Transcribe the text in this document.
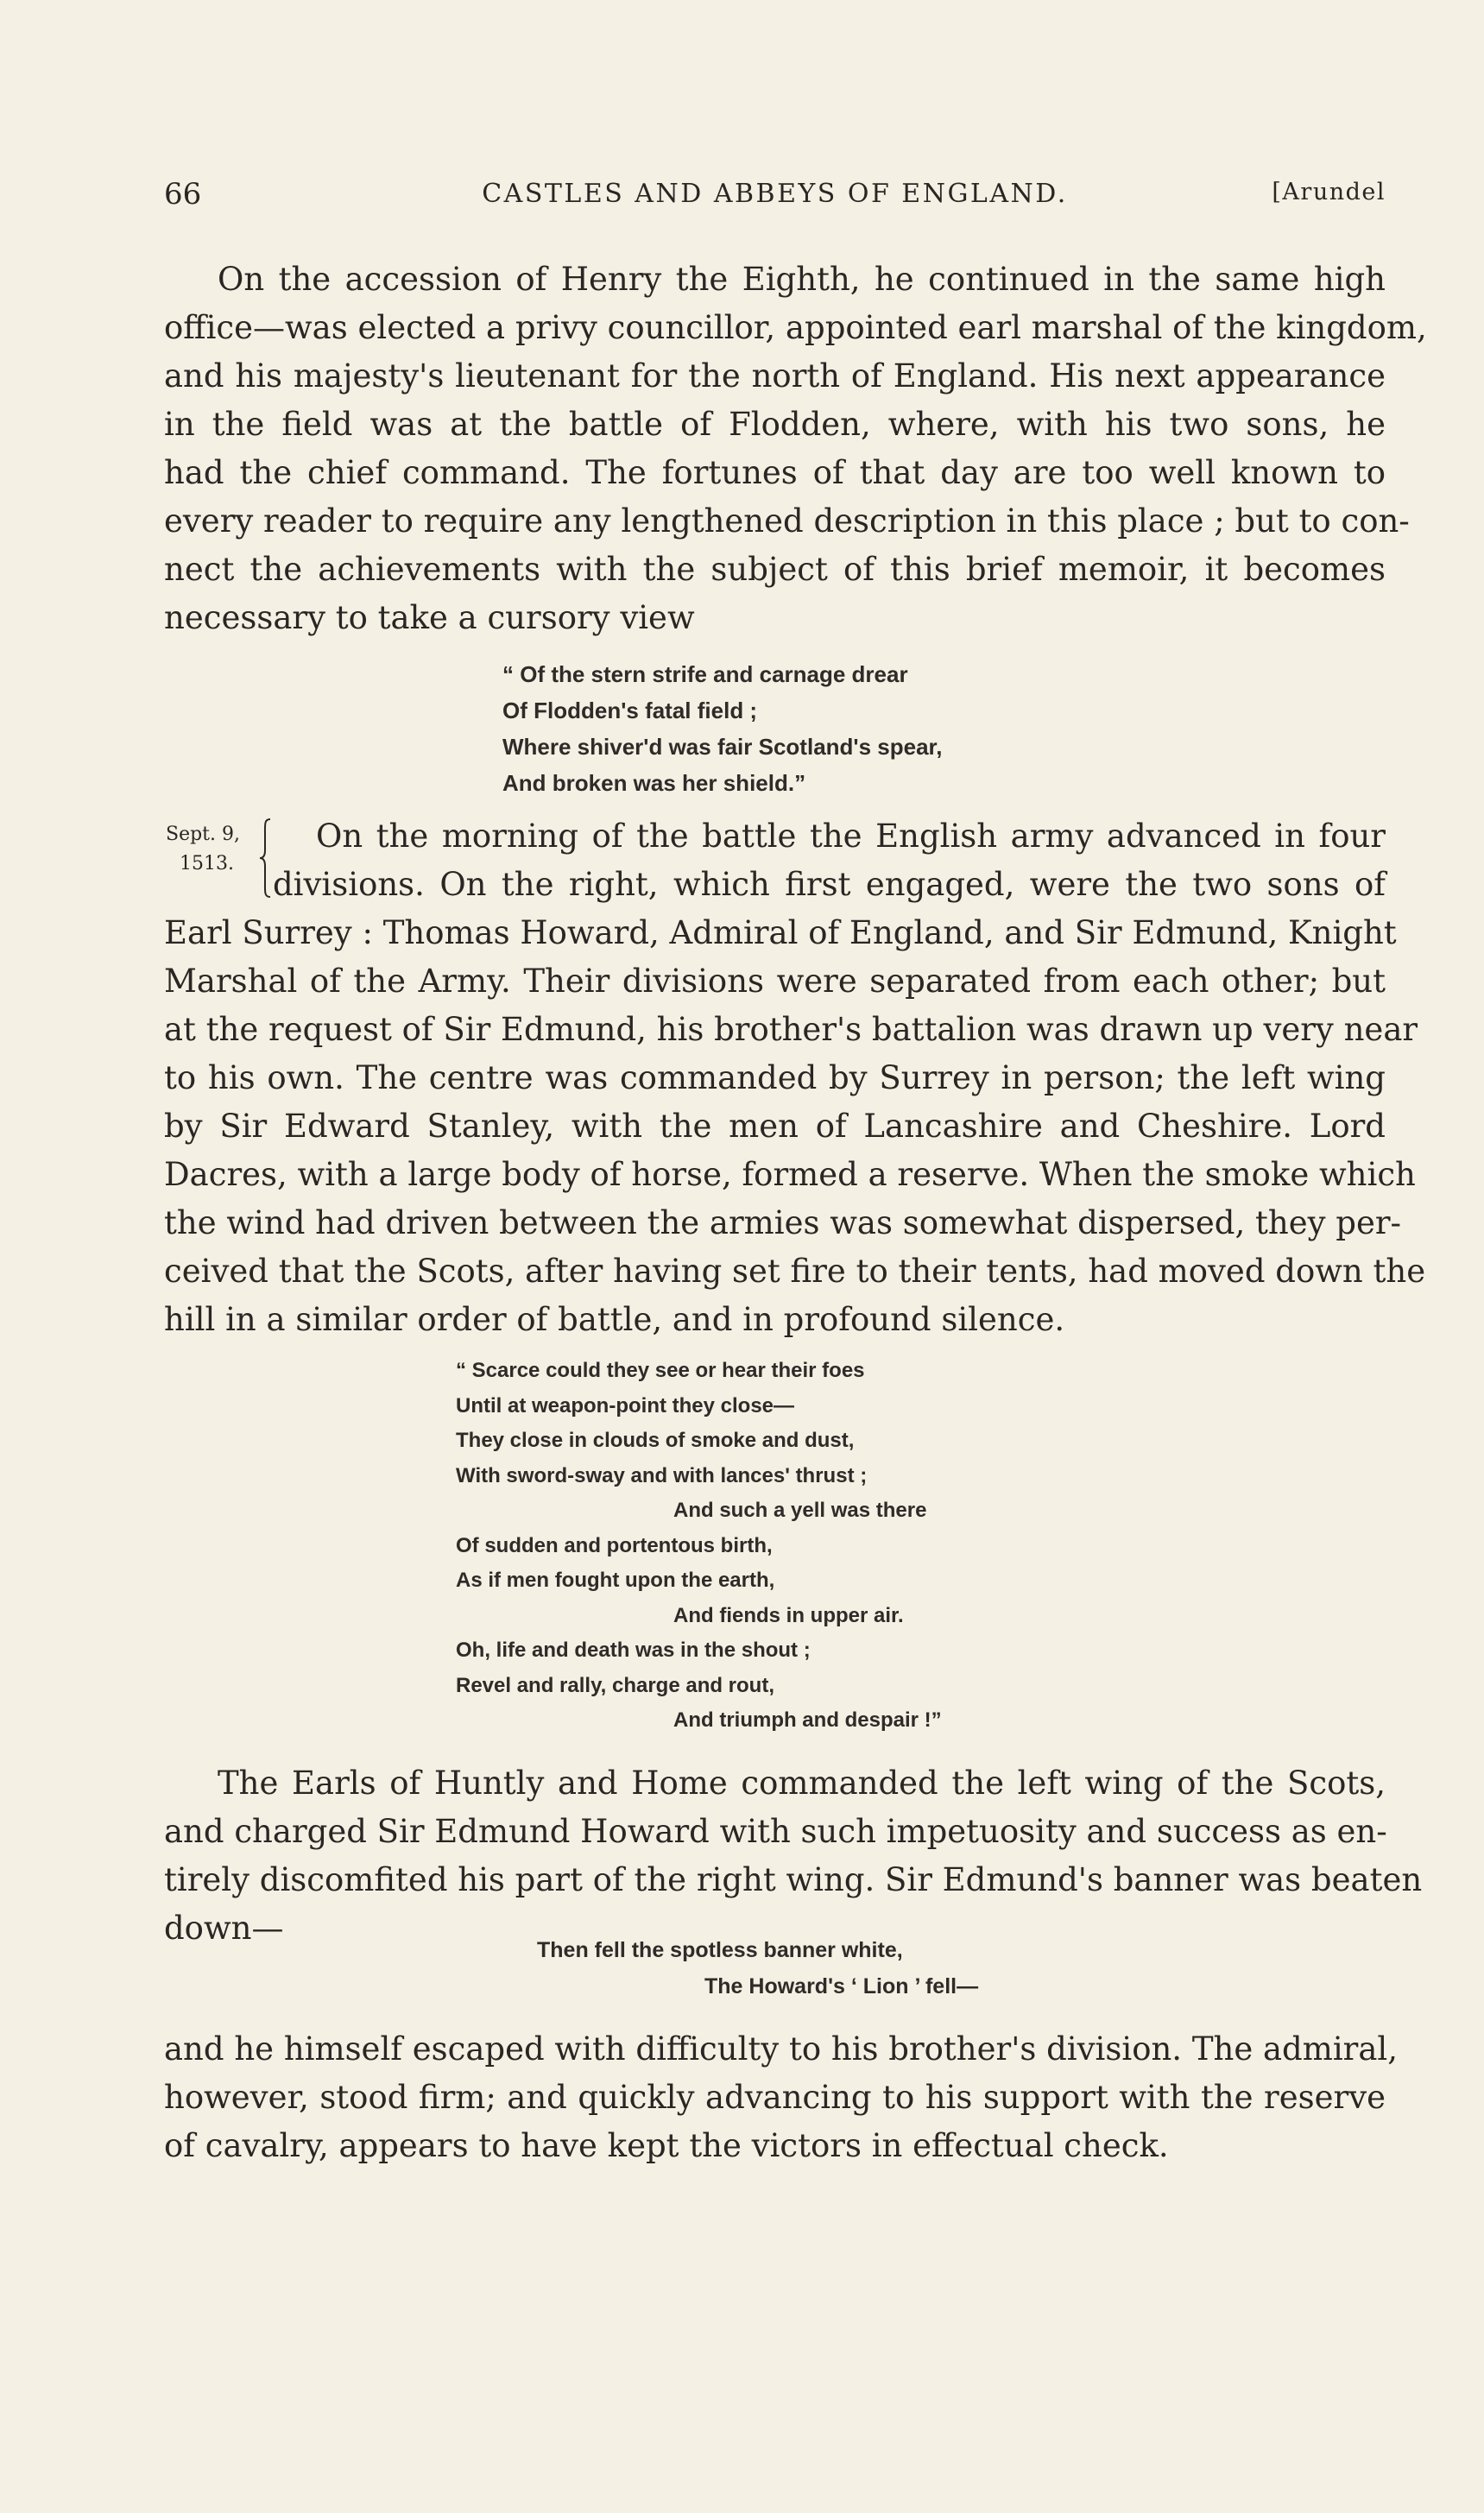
66	CASTLES AND ABBEYS OF ENGLAND.	[Arundel
On the accession of Henry the Eighth, he continued in the same high
office—was elected a privy councillor, appointed earl marshal of the kingdom,
and his majesty's lieutenant for the north of England. His next appearance
in the field was at the battle of Flodden, where, with his two sons, he
had the chief command. The fortunes of that day are too well known to
every reader to require any lengthened description in this place ; but to con-
nect the achievements with the subject of this brief memoir, it becomes
necessary to take a cursory view
“ Of the stern strife and carnage drear
Of Flodden's fatal field ;
Where shiver'd was fair Scotland's spear,
And broken was her shield.”
Sept. 9,
1513.
On the morning of the battle the English army advanced in four
divisions. On the right, which first engaged, were the two sons of
Earl Surrey : Thomas Howard, Admiral of England, and Sir Edmund, Knight
Marshal of the Army. Their divisions were separated from each other; but
at the request of Sir Edmund, his brother's battalion was drawn up very near
to his own. The centre was commanded by Surrey in person; the left wing
by Sir Edward Stanley, with the men of Lancashire and Cheshire. Lord
Dacres, with a large body of horse, formed a reserve. When the smoke which
the wind had driven between the armies was somewhat dispersed, they per-
ceived that the Scots, after having set fire to their tents, had moved down the
hill in a similar order of battle, and in profound silence.
“ Scarce could they see or hear their foes
Until at weapon-point they close—
They close in clouds of smoke and dust,
With sword-sway and with lances' thrust ;
And such a yell was there
Of sudden and portentous birth,
As if men fought upon the earth,
And fiends in upper air.
Oh, life and death was in the shout ;
Revel and rally, charge and rout,
And triumph and despair !”
The Earls of Huntly and Home commanded the left wing of the Scots,
and charged Sir Edmund Howard with such impetuosity and success as en-
tirely discomfited his part of the right wing. Sir Edmund's banner was beaten
down—
Then fell the spotless banner white,
The Howard's ‘ Lion ’ fell—
and he himself escaped with difficulty to his brother's division. The admiral,
however, stood firm; and quickly advancing to his support with the reserve
of cavalry, appears to have kept the victors in effectual check.
